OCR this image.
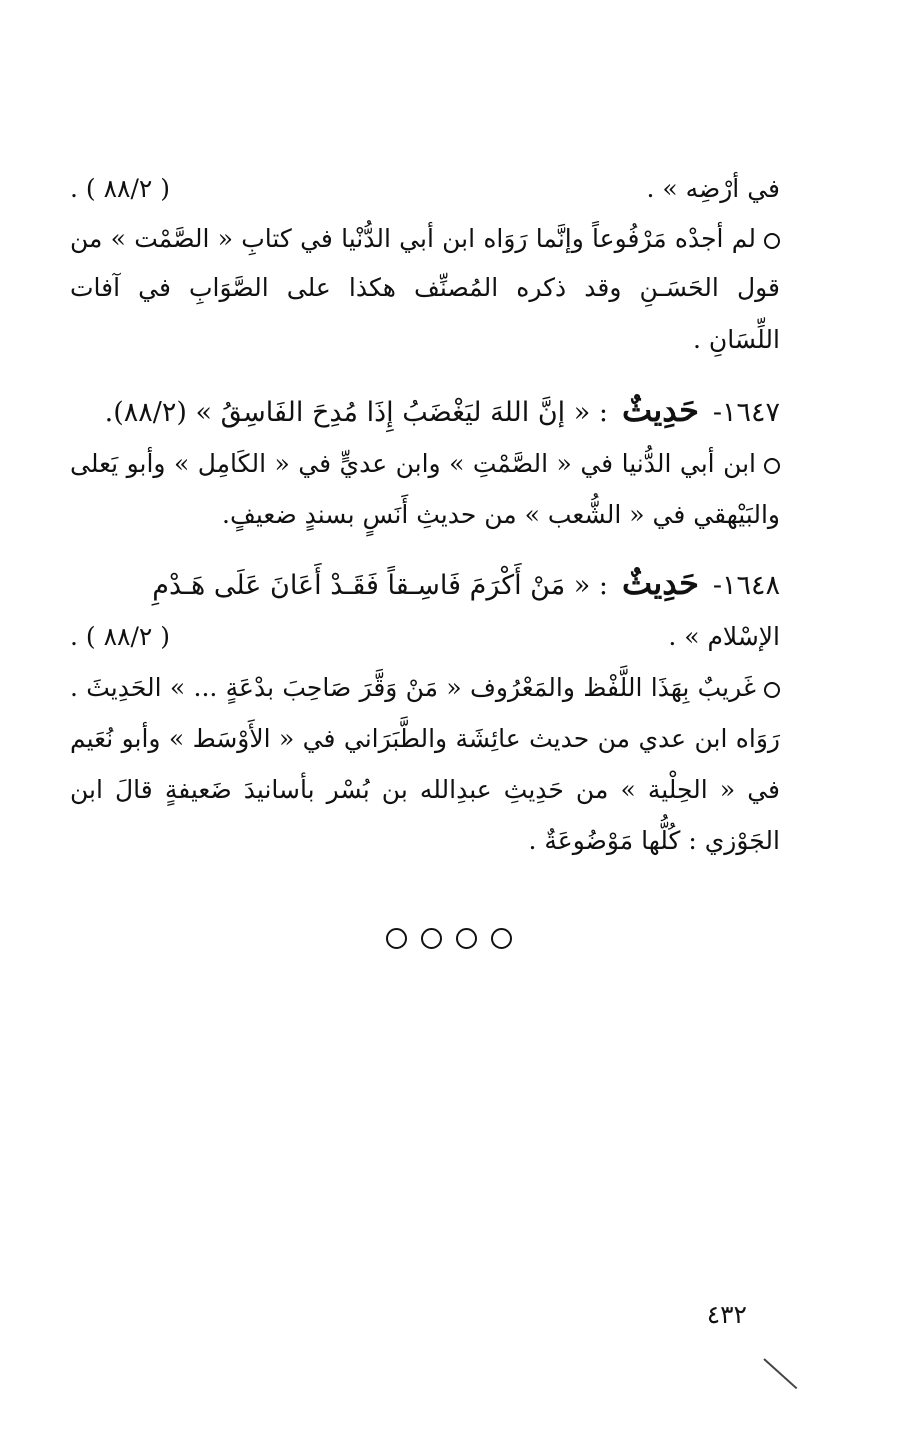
في أرْضِه » .
( ٨٨/٢ ) .
لم أجدْه مَرْفُوعاً وإنَّما رَوَاه ابن أبي الدُّنْيا في كتابِ « الصَّمْت » من
قول الحَسَـنِ وقد ذكره المُصنِّف هكذا على الصَّوَابِ في آفات
اللِّسَانِ .
١٦٤٧-حَدِيثٌ: « إنَّ اللهَ ليَغْضَبُ إِذَا مُدِحَ الفَاسِقُ » (٨٨/٢).
ابن أبي الدُّنيا في « الصَّمْتِ » وابن عديٍّ في « الكَامِل » وأبو يَعلى
والبَيْهقي في « الشُّعب » من حديثِ أَنَسٍ بسندٍ ضعيفٍ.
١٦٤٨-حَدِيثٌ: « مَنْ أَكْرَمَ فَاسِـقاً فَقَـدْ أَعَانَ عَلَى هَـدْمِ
الإسْلام » .
( ٨٨/٢ ) .
غَريبٌ بِهَذَا اللَّفْظ والمَعْرُوف « مَنْ وَقَّرَ صَاحِبَ بدْعَةٍ ... » الحَدِيثَ .
رَوَاه ابن عدي من حديث عائِشَة والطَّبَرَاني في « الأَوْسَط » وأبو نُعَيم
في « الحِلْية » من حَدِيثِ عبدِالله بن بُسْر بأسانيدَ ضَعيفةٍ قالَ ابن
الجَوْزي : كُلُّها مَوْضُوعَةٌ .
٤٣٢
